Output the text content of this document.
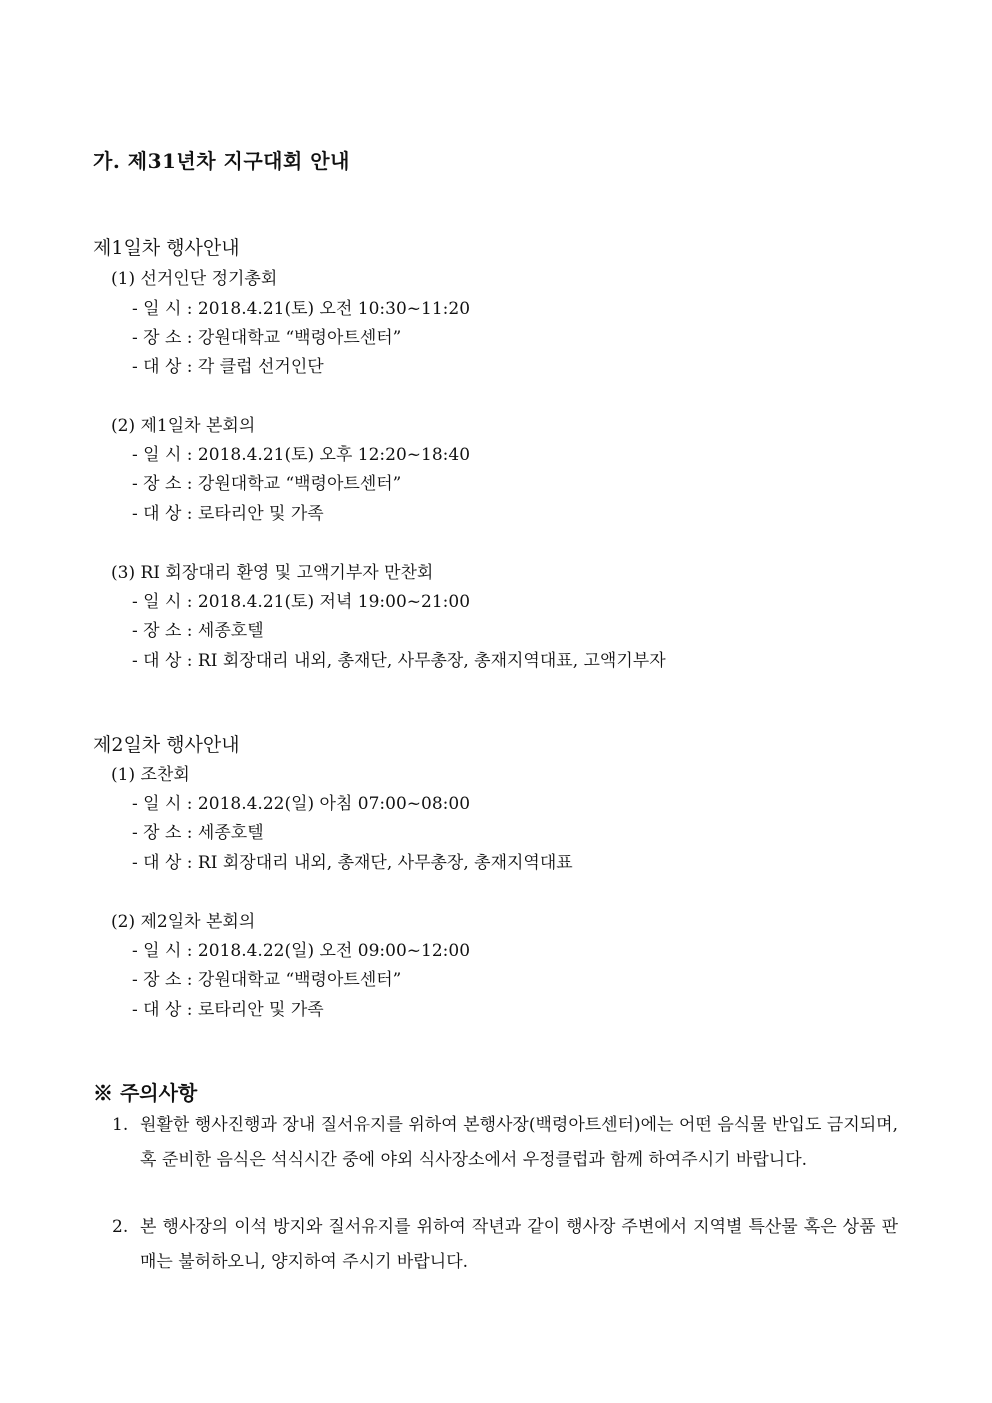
가. 제31년차 지구대회 안내
제1일차 행사안내
(1) 선거인단 정기총회
- 일 시 : 2018.4.21(토) 오전 10:30~11:20
- 장 소 : 강원대학교 “백령아트센터”
- 대 상 : 각 클럽 선거인단
(2) 제1일차 본회의
- 일 시 : 2018.4.21(토) 오후 12:20~18:40
- 장 소 : 강원대학교 “백령아트센터”
- 대 상 : 로타리안 및 가족
(3) RI 회장대리 환영 및 고액기부자 만찬회
- 일 시 : 2018.4.21(토) 저녁 19:00~21:00
- 장 소 : 세종호텔
- 대 상 : RI 회장대리 내외, 총재단, 사무총장, 총재지역대표, 고액기부자
제2일차 행사안내
(1) 조찬회
- 일 시 : 2018.4.22(일) 아침 07:00~08:00
- 장 소 : 세종호텔
- 대 상 : RI 회장대리 내외, 총재단, 사무총장, 총재지역대표
(2) 제2일차 본회의
- 일 시 : 2018.4.22(일) 오전 09:00~12:00
- 장 소 : 강원대학교 “백령아트센터”
- 대 상 : 로타리안 및 가족
※ 주의사항
1. 원활한 행사진행과 장내 질서유지를 위하여 본행사장(백령아트센터)에는 어떤 음식물 반입도 금지되며, 혹 준비한 음식은 석식시간 중에 야외 식사장소에서 우정클럽과 함께 하여주시기 바랍니다.
2. 본 행사장의 이석 방지와 질서유지를 위하여 작년과 같이 행사장 주변에서 지역별 특산물 혹은 상품 판매는 불허하오니, 양지하여 주시기 바랍니다.
